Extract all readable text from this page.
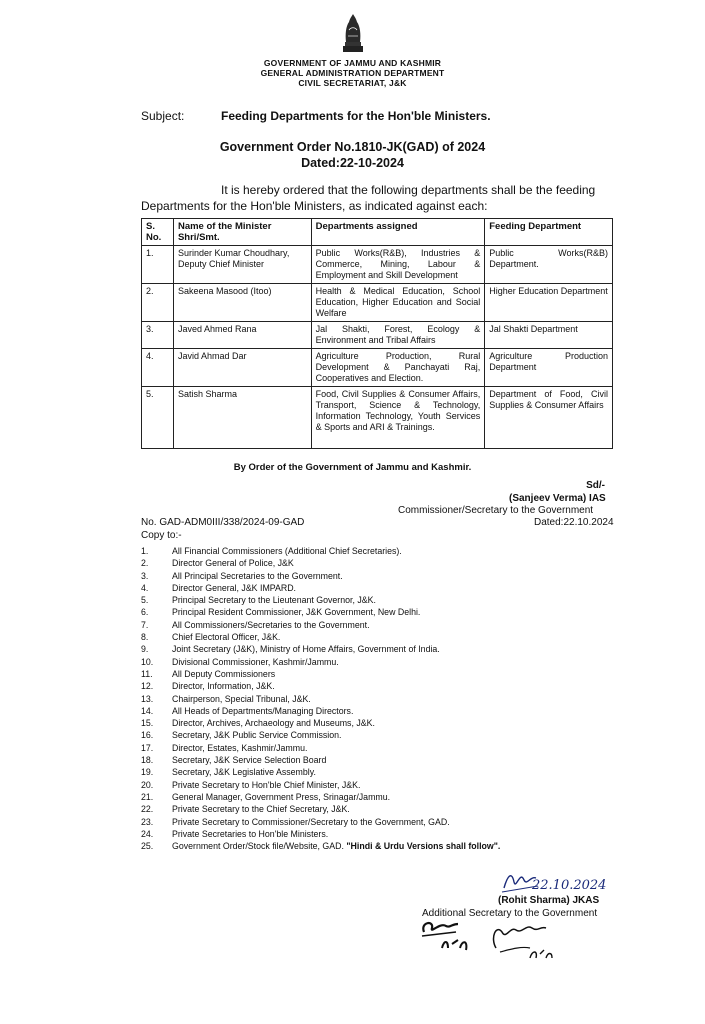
GOVERNMENT OF JAMMU AND KASHMIR
GENERAL ADMINISTRATION DEPARTMENT
CIVIL SECRETARIAT, J&K
Subject:	Feeding Departments for the Hon'ble Ministers.
Government Order No.1810-JK(GAD) of 2024
Dated:22-10-2024
It is hereby ordered that the following departments shall be the feeding Departments for the Hon'ble Ministers, as indicated against each:
S. No.	Name of the Minister Shri/Smt.	Departments assigned	Feeding Department
1.	Surinder Kumar Choudhary, Deputy Chief Minister	Public Works(R&B), Industries & Commerce, Mining, Labour & Employment and Skill Development	Public Works(R&B) Department.
2.	Sakeena Masood (Itoo)	Health & Medical Education, School Education, Higher Education and Social Welfare	Higher Education Department
3.	Javed Ahmed Rana	Jal Shakti, Forest, Ecology & Environment and Tribal Affairs	Jal Shakti Department
4.	Javid Ahmad Dar	Agriculture Production, Rural Development & Panchayati Raj, Cooperatives and Election.	Agriculture Production Department
5.	Satish Sharma	Food, Civil Supplies & Consumer Affairs, Transport, Science & Technology, Information Technology, Youth Services & Sports and ARI & Trainings.	Department of Food, Civil Supplies & Consumer Affairs
By Order of the Government of Jammu and Kashmir.
Sd/-
(Sanjeev Verma) IAS
Commissioner/Secretary to the Government
Dated:22.10.2024
No. GAD-ADM0III/338/2024-09-GAD
Copy to:-
1.	All Financial Commissioners (Additional Chief Secretaries).
2.	Director General of Police, J&K
3.	All Principal Secretaries to the Government.
4.	Director General, J&K IMPARD.
5.	Principal Secretary to the Lieutenant Governor, J&K.
6.	Principal Resident Commissioner, J&K Government, New Delhi.
7.	All Commissioners/Secretaries to the Government.
8.	Chief Electoral Officer, J&K.
9.	Joint Secretary (J&K), Ministry of Home Affairs, Government of India.
10.	Divisional Commissioner, Kashmir/Jammu.
11.	All Deputy Commissioners
12.	Director, Information, J&K.
13.	Chairperson, Special Tribunal, J&K.
14.	All Heads of Departments/Managing Directors.
15.	Director, Archives, Archaeology and Museums, J&K.
16.	Secretary, J&K Public Service Commission.
17.	Director, Estates, Kashmir/Jammu.
18.	Secretary, J&K Service Selection Board
19.	Secretary, J&K Legislative Assembly.
20.	Private Secretary to Hon'ble Chief Minister, J&K.
21.	General Manager, Government Press, Srinagar/Jammu.
22.	Private Secretary to the Chief Secretary, J&K.
23.	Private Secretary to Commissioner/Secretary to the Government, GAD.
24.	Private Secretaries to Hon'ble Ministers.
25.	Government Order/Stock file/Website, GAD. "Hindi & Urdu Versions shall follow".
22.10.2024
(Rohit Sharma) JKAS
Additional Secretary to the Government
